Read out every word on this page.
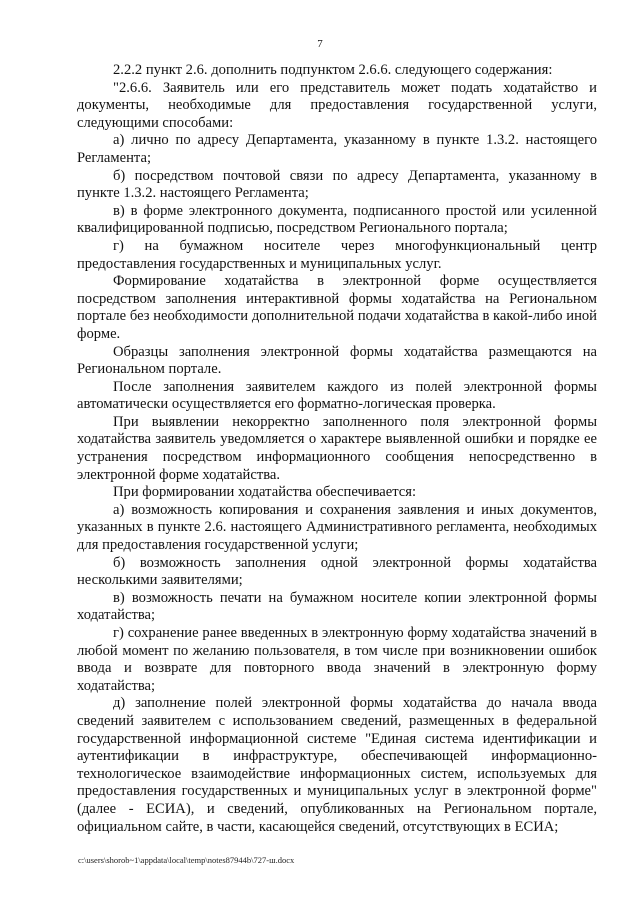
7

2.2.2 пункт 2.6. дополнить подпунктом 2.6.6. следующего содержания:

"2.6.6. Заявитель или его представитель может подать ходатайство и документы, необходимые для предоставления государственной услуги, следующими способами:

а) лично по адресу Департамента, указанному в пункте 1.3.2. настоящего Регламента;

б) посредством почтовой связи по адресу Департамента, указанному в пункте 1.3.2. настоящего Регламента;

в) в форме электронного документа, подписанного простой или усиленной квалифицированной подписью, посредством Регионального портала;

г) на бумажном носителе через многофункциональный центр предоставления государственных и муниципальных услуг.

Формирование ходатайства в электронной форме осуществляется посредством заполнения интерактивной формы ходатайства на Региональном портале без необходимости дополнительной подачи ходатайства в какой-либо иной форме.

Образцы заполнения электронной формы ходатайства размещаются на Региональном портале.

После заполнения заявителем каждого из полей электронной формы автоматически осуществляется его форматно-логическая проверка.

При выявлении некорректно заполненного поля электронной формы ходатайства заявитель уведомляется о характере выявленной ошибки и порядке ее устранения посредством информационного сообщения непосредственно в электронной форме ходатайства.

При формировании ходатайства обеспечивается:

а) возможность копирования и сохранения заявления и иных документов, указанных в пункте 2.6. настоящего Административного регламента, необходимых для предоставления государственной услуги;

б) возможность заполнения одной электронной формы ходатайства несколькими заявителями;

в) возможность печати на бумажном носителе копии электронной формы ходатайства;

г) сохранение ранее введенных в электронную форму ходатайства значений в любой момент по желанию пользователя, в том числе при возникновении ошибок ввода и возврате для повторного ввода значений в электронную форму ходатайства;

д) заполнение полей электронной формы ходатайства до начала ввода сведений заявителем с использованием сведений, размещенных в федеральной государственной информационной системе "Единая система идентификации и аутентификации в инфраструктуре, обеспечивающей информационно-технологическое взаимодействие информационных систем, используемых для предоставления государственных и муниципальных услуг в электронной форме" (далее - ЕСИА), и сведений, опубликованных на Региональном портале, официальном сайте, в части, касающейся сведений, отсутствующих в ЕСИА;

c:\users\shorob~1\appdata\local\temp\notes87944b\727-ш.docx
